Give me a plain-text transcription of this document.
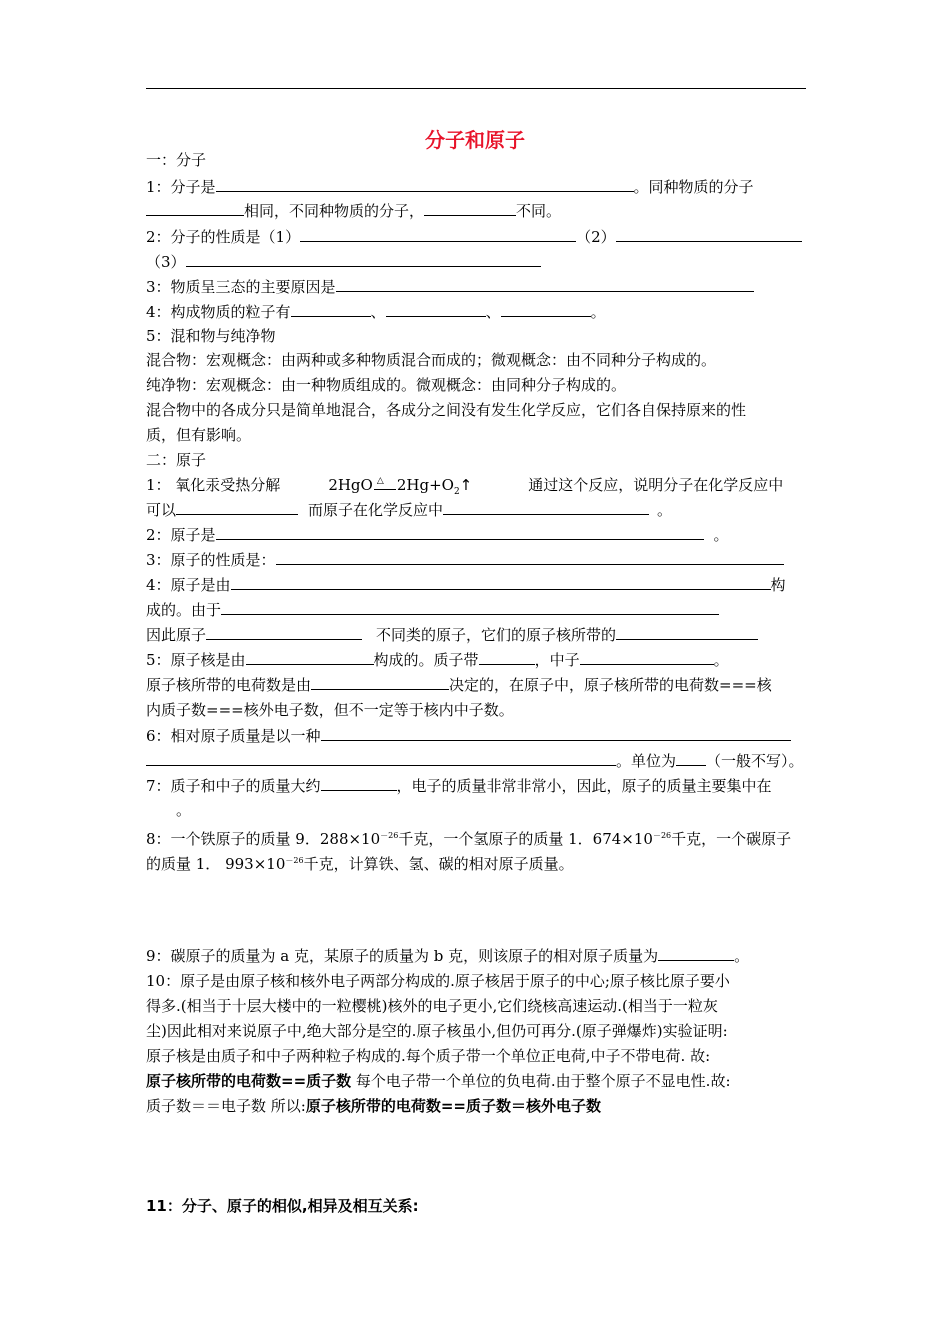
分子和原子
一：分子
1：分子是	。同种物质的分子
相同，不同种物质的分子，	不同。
2：分子的性质是（1）	（2）
（3）
3：物质呈三态的主要原因是
4：构成物质的粒子有	、	、	。
5：混和物与纯净物
混合物：宏观概念：由两种或多种物质混合而成的；微观概念：由不同种分子构成的。
纯净物：宏观概念：由一种物质组成的。微观概念：由同种分子构成的。
混合物中的各成分只是简单地混合，各成分之间没有发生化学反应，它们各自保持原来的性
质，但有影响。
二：原子
1： 氧化汞受热分解	2HgO △ $2Hg+O_2↑$	通过这个反应，说明分子在化学反应中
可以	而原子在化学反应中	。
2：原子是	。
3：原子的性质是：
4：原子是由	构
成的。由于
因此原子	不同类的原子，它们的原子核所带的
5：原子核是由	构成的。质子带	，中子	。
原子核所带的电荷数是由	决定的，在原子中，原子核所带的电荷数===核
内质子数===核外电子数，但不一定等于核内中子数。
6：相对原子质量是以一种
。单位为 （一般不写）。
7：质子和中子的质量大约	，电子的质量非常非常小，因此，原子的质量主要集中在
。
8：一个铁原子的质量 9．$288\times 10^{-26}$千克，一个氢原子的质量 1．$674\times 10^{-26}$千克，一个碳原子
的质量 1． $993\times 10^{-26}$千克，计算铁、氢、碳的相对原子质量。
9：碳原子的质量为 a 克，某原子的质量为 b 克，则该原子的相对原子质量为	。
10：原子是由原子核和核外电子两部分构成的.原子核居于原子的中心;原子核比原子要小
得多.(相当于十层大楼中的一粒樱桃)核外的电子更小,它们绕核高速运动.(相当于一粒灰
尘)因此相对来说原子中,绝大部分是空的.原子核虽小,但仍可再分.(原子弹爆炸)实验证明:
原子核是由质子和中子两种粒子构成的.每个质子带一个单位正电荷,中子不带电荷. 故:
原子核所带的电荷数==质子数 每个电子带一个单位的负电荷.由于整个原子不显电性.故:
质子数＝＝电子数 所以:原子核所带的电荷数==质子数＝核外电子数
11：分子、原子的相似,相异及相互关系:
